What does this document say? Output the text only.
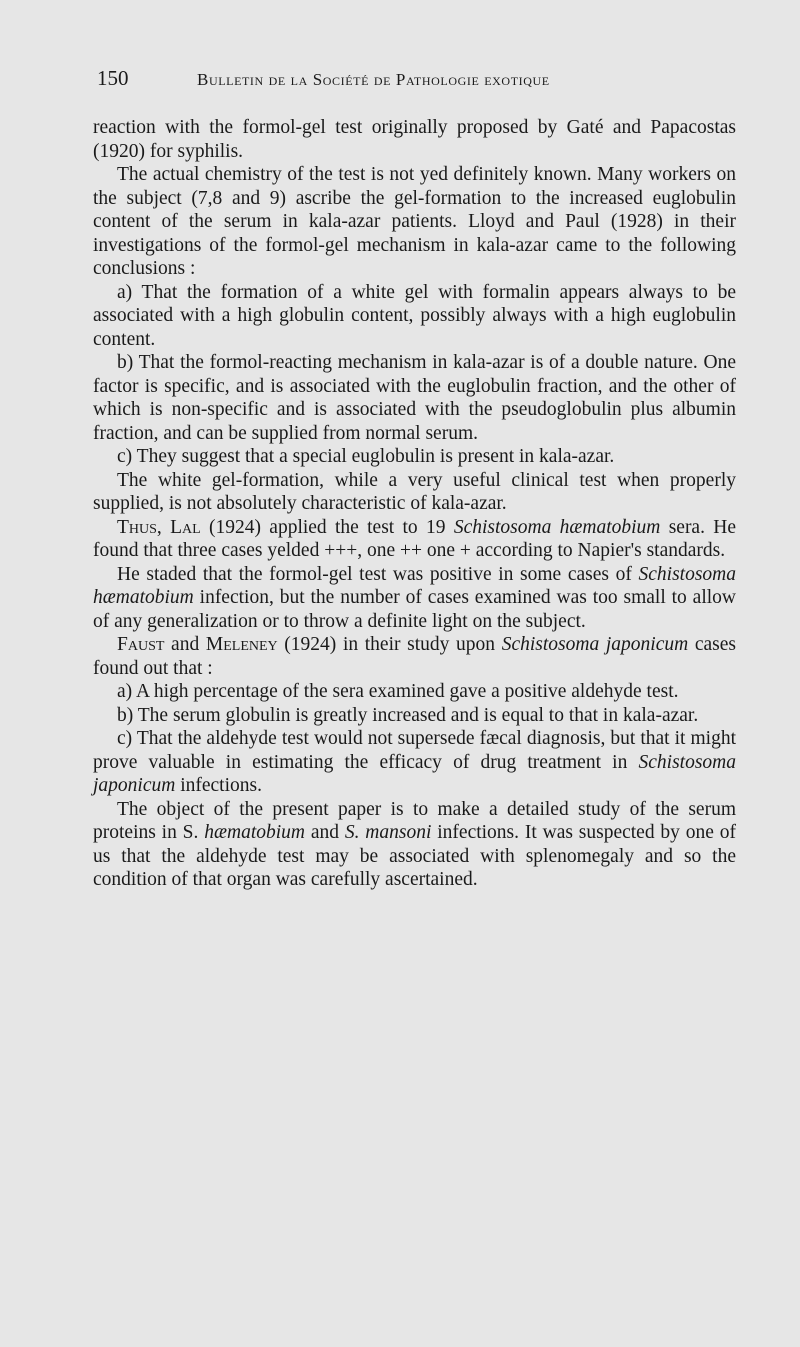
150	Bulletin de la Société de Pathologie exotique

reaction with the formol-gel test originally proposed by Gaté and Papacostas (1920) for syphilis.

The actual chemistry of the test is not yed definitely known. Many workers on the subject (7,8 and 9) ascribe the gel-formation to the increased euglobulin content of the serum in kala-azar patients. Lloyd and Paul (1928) in their investigations of the formol-gel mechanism in kala-azar came to the following conclusions :

a) That the formation of a white gel with formalin appears always to be associated with a high globulin content, possibly always with a high euglobulin content.

b) That the formol-reacting mechanism in kala-azar is of a double nature. One factor is specific, and is associated with the euglobulin fraction, and the other of which is non-specific and is associated with the pseudoglobulin plus albumin fraction, and can be supplied from normal serum.

c) They suggest that a special euglobulin is present in kala-azar.

The white gel-formation, while a very useful clinical test when properly supplied, is not absolutely characteristic of kala-azar.

Thus, Lal (1924) applied the test to 19 Schistosoma hæmatobium sera. He found that three cases yelded +++, one ++ one + according to Napier's standards.

He staded that the formol-gel test was positive in some cases of Schistosoma hæmatobium infection, but the number of cases examined was too small to allow of any generalization or to throw a definite light on the subject.

Faust and Meleney (1924) in their study upon Schistosoma japonicum cases found out that :

a) A high percentage of the sera examined gave a positive aldehyde test.

b) The serum globulin is greatly increased and is equal to that in kala-azar.

c) That the aldehyde test would not supersede fæcal diagnosis, but that it might prove valuable in estimating the efficacy of drug treatment in Schistosoma japonicum infections.

The object of the present paper is to make a detailed study of the serum proteins in S. hæmatobium and S. mansoni infections. It was suspected by one of us that the aldehyde test may be associated with splenomegaly and so the condition of that organ was carefully ascertained.
